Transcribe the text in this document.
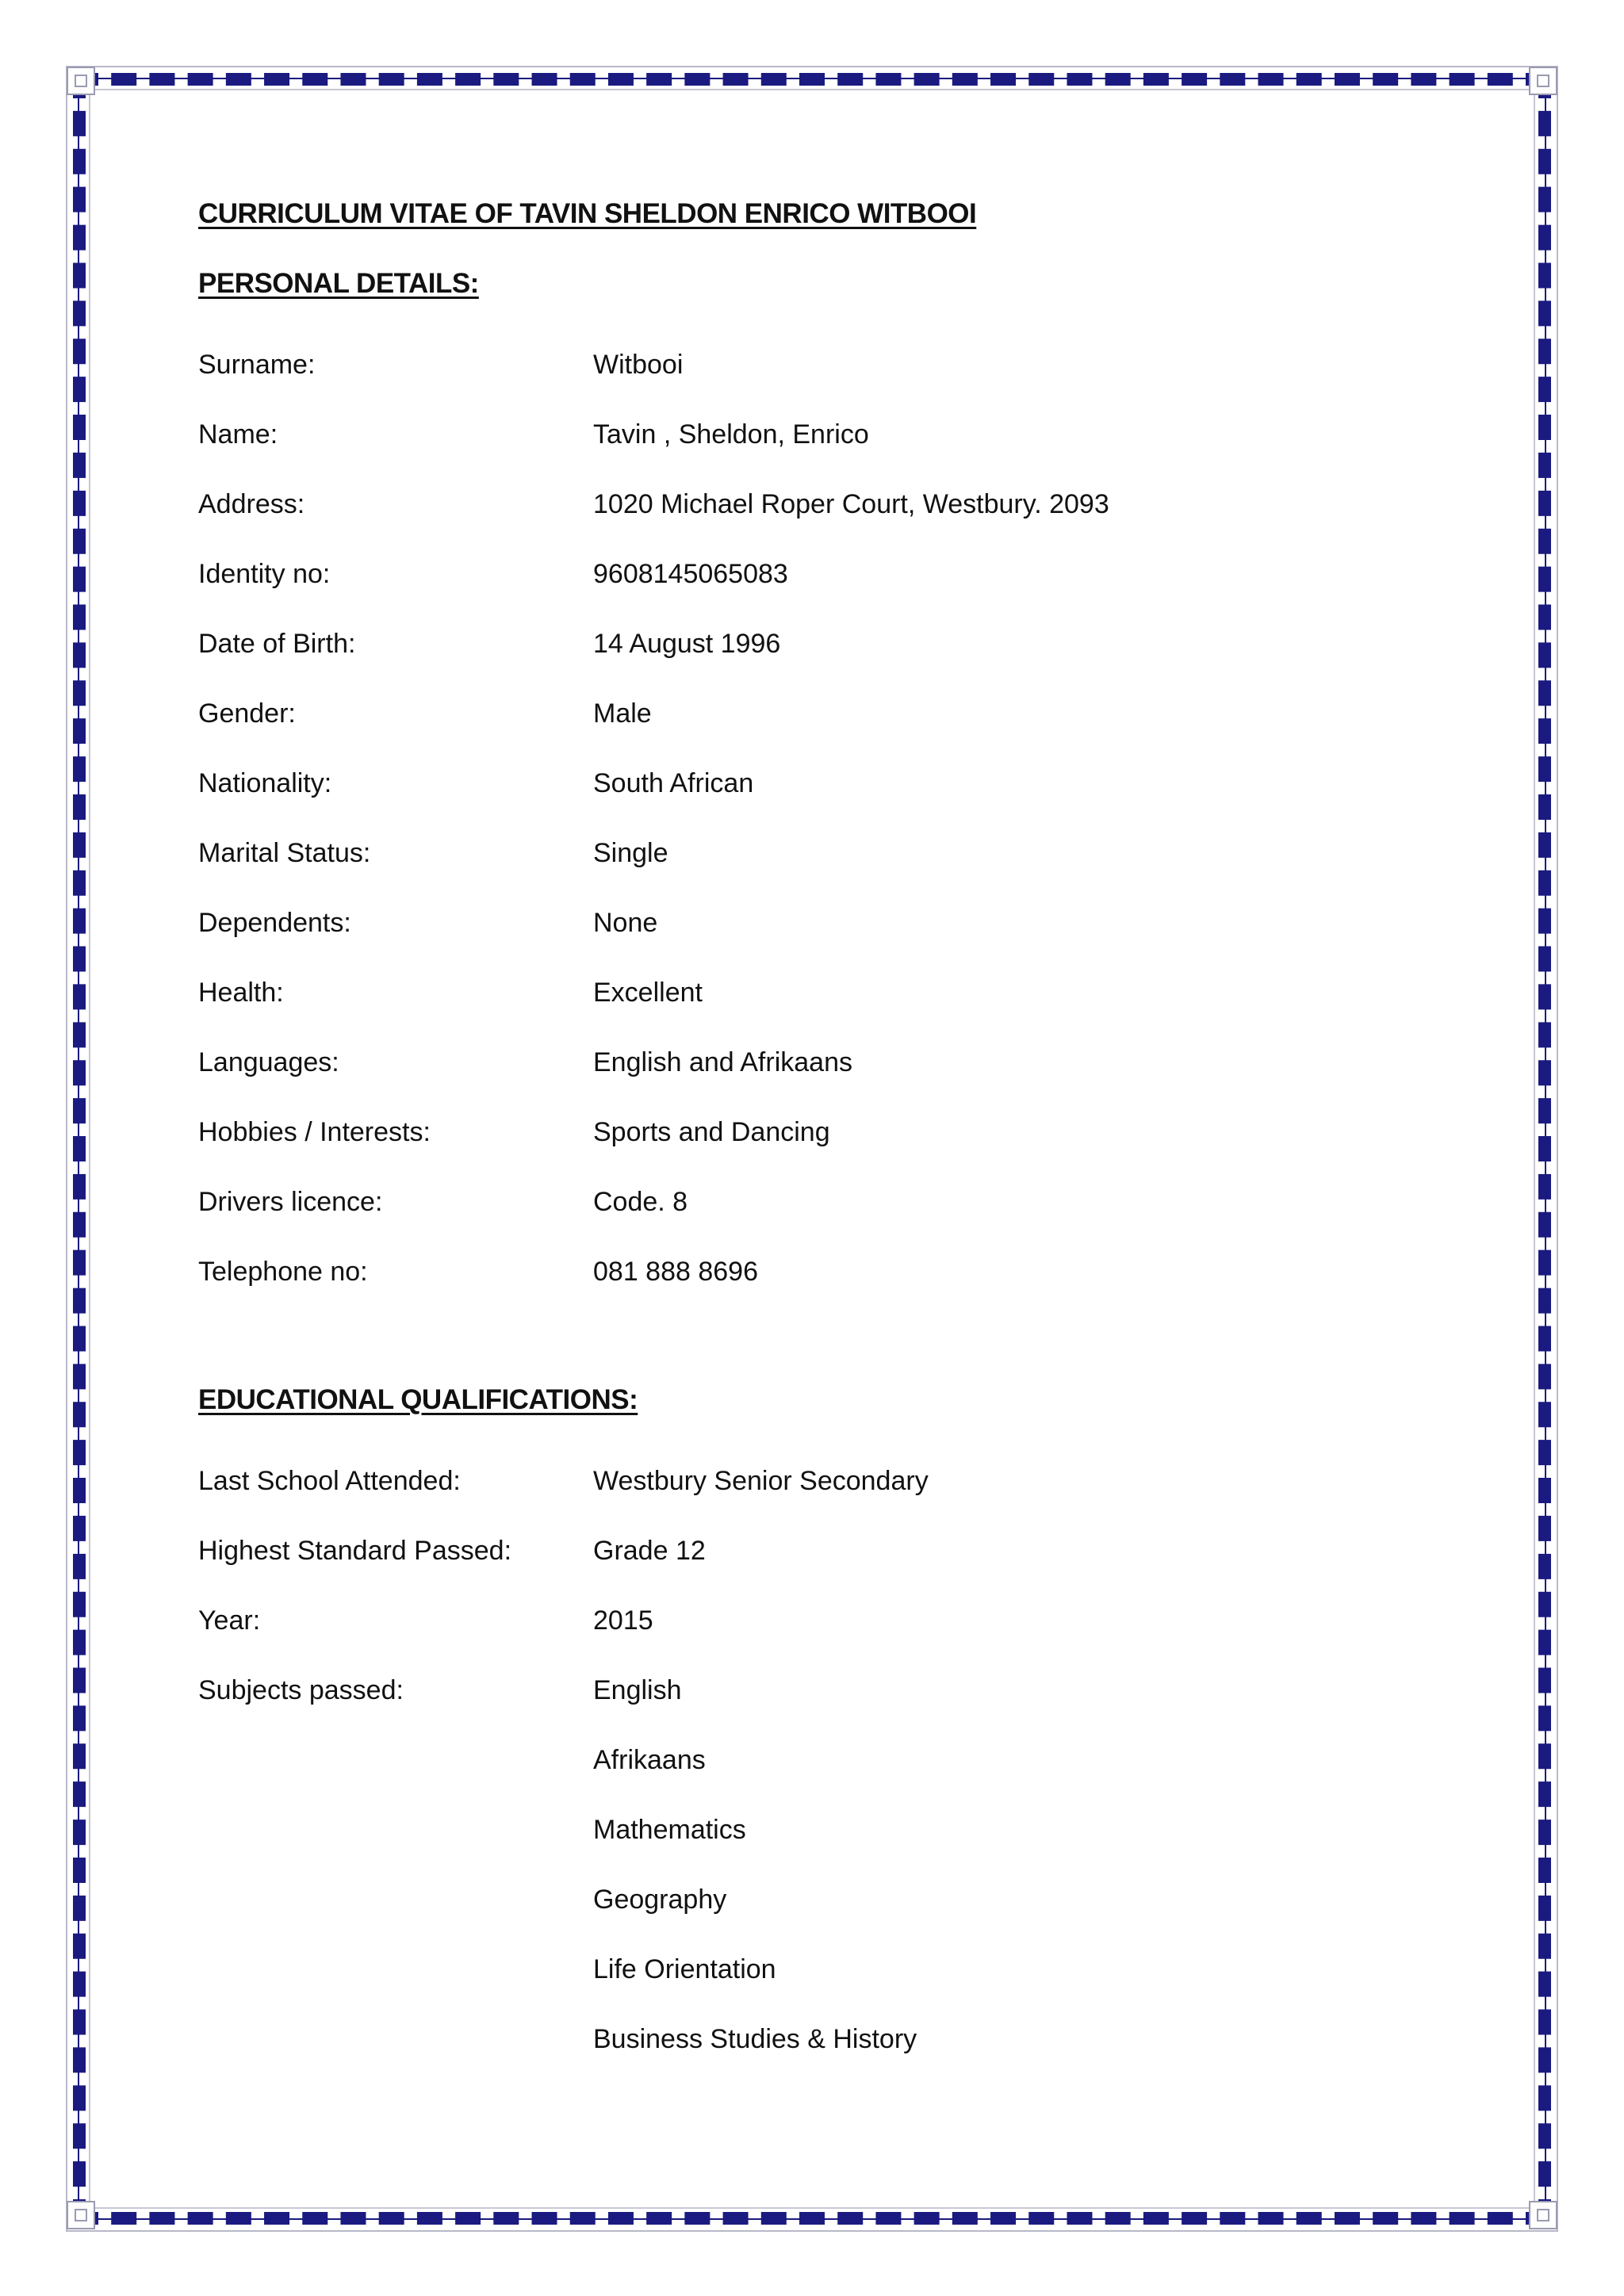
CURRICULUM VITAE OF TAVIN SHELDON ENRICO WITBOOI
PERSONAL DETAILS:
Surname:	Witbooi
Name:	Tavin , Sheldon, Enrico
Address:	1020 Michael Roper Court, Westbury. 2093
Identity no:	9608145065083
Date of Birth:	14 August 1996
Gender:	Male
Nationality:	South African
Marital Status:	Single
Dependents:	None
Health:	Excellent
Languages:	English and Afrikaans
Hobbies / Interests:	Sports and Dancing
Drivers licence:	Code. 8
Telephone no:	081 888 8696
EDUCATIONAL QUALIFICATIONS:
Last School Attended:	Westbury Senior Secondary
Highest Standard Passed:	Grade 12
Year:	2015
Subjects passed:	English
Afrikaans
Mathematics
Geography
Life Orientation
Business Studies & History
